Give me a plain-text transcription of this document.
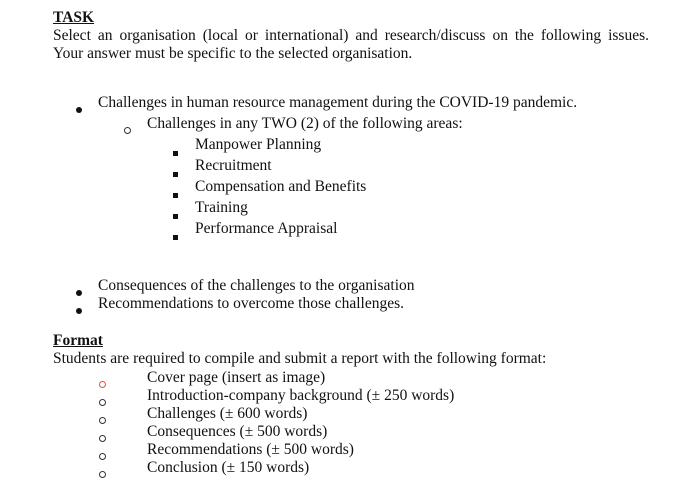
TASK
Select an organisation (local or international) and research/discuss on the following issues.
Your answer must be specific to the selected organisation.
Challenges in human resource management during the COVID-19 pandemic.
Challenges in any TWO (2) of the following areas:
Manpower Planning
Recruitment
Compensation and Benefits
Training
Performance Appraisal
Consequences of the challenges to the organisation
Recommendations to overcome those challenges.
Format
Students are required to compile and submit a report with the following format:
Cover page (insert as image)
Introduction-company background (± 250 words)
Challenges (± 600 words)
Consequences (± 500 words)
Recommendations (± 500 words)
Conclusion (± 150 words)
